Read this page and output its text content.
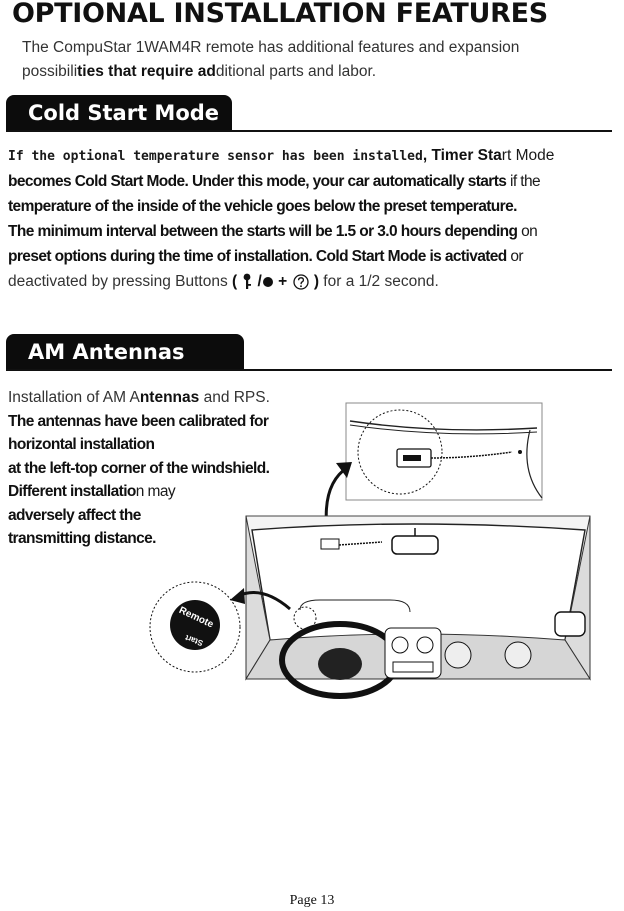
OPTIONAL INSTALLATION FEATURES

The CompuStar 1WAM4R remote has additional features and expansion

possibilities that require additional parts and labor.

Cold Start Mode

If the optional temperature sensor has been installed, Timer Start Mode

becomes Cold Start Mode. Under this mode, your car automatically starts if the

temperature of the inside of the vehicle goes below the preset temperature.

The minimum interval between the starts will be 1.5 or 3.0 hours depending on

preset options during the time of installation. Cold Start Mode is activated or

deactivated by pressing Buttons ( / + ) for a 1/2 second.

AM Antennas

Installation of AM Antennas and RPS.

The antennas have been calibrated for

horizontal installation

at the left-top corner of the windshield.

Different installation may

adversely affect the

transmitting distance.

Remote
Start
Page 13
